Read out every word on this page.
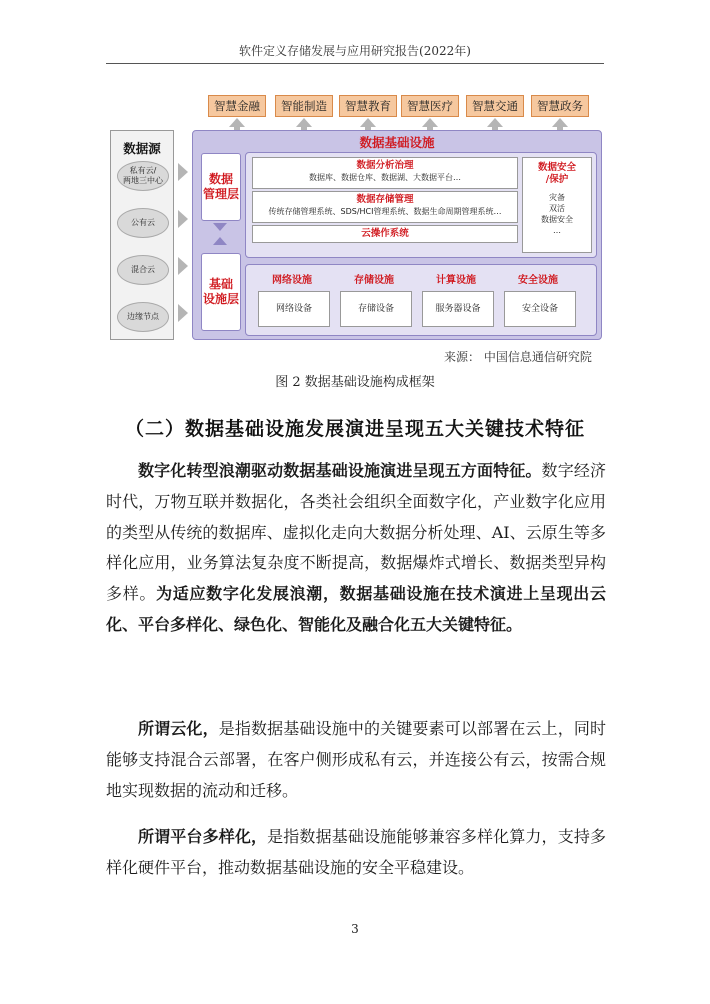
软件定义存储发展与应用研究报告(2022年)
智慧金融	智能制造	智慧教育	智慧医疗	智慧交通	智慧政务
数据源
私有云/
两地三中心
公有云
混合云
边缘节点
数据基础设施
数据
管理层
基础
设施层
数据分析治理
数据库、数据仓库、数据湖、大数据平台…
数据存储管理
传统存储管理系统、SDS/HCI管理系统、数据生命周期管理系统…
云操作系统
数据安全
/保护
灾备
双活
数据安全
…
网络设施
网络设备
存储设施
存储设备
计算设施
服务器设备
安全设施
安全设备
来源： 中国信息通信研究院
图 2 数据基础设施构成框架
（二）数据基础设施发展演进呈现五大关键技术特征

数字化转型浪潮驱动数据基础设施演进呈现五方面特征。数字经济时代，万物互联并数据化，各类社会组织全面数字化，产业数字化应用的类型从传统的数据库、虚拟化走向大数据分析处理、AI、云原生等多样化应用，业务算法复杂度不断提高，数据爆炸式增长、数据类型异构多样。为适应数字化发展浪潮，数据基础设施在技术演进上呈现出云化、平台多样化、绿色化、智能化及融合化五大关键特征。

所谓云化，是指数据基础设施中的关键要素可以部署在云上，同时能够支持混合云部署，在客户侧形成私有云，并连接公有云，按需合规地实现数据的流动和迁移。

所谓平台多样化，是指数据基础设施能够兼容多样化算力，支持多样化硬件平台，推动数据基础设施的安全平稳建设。

3
